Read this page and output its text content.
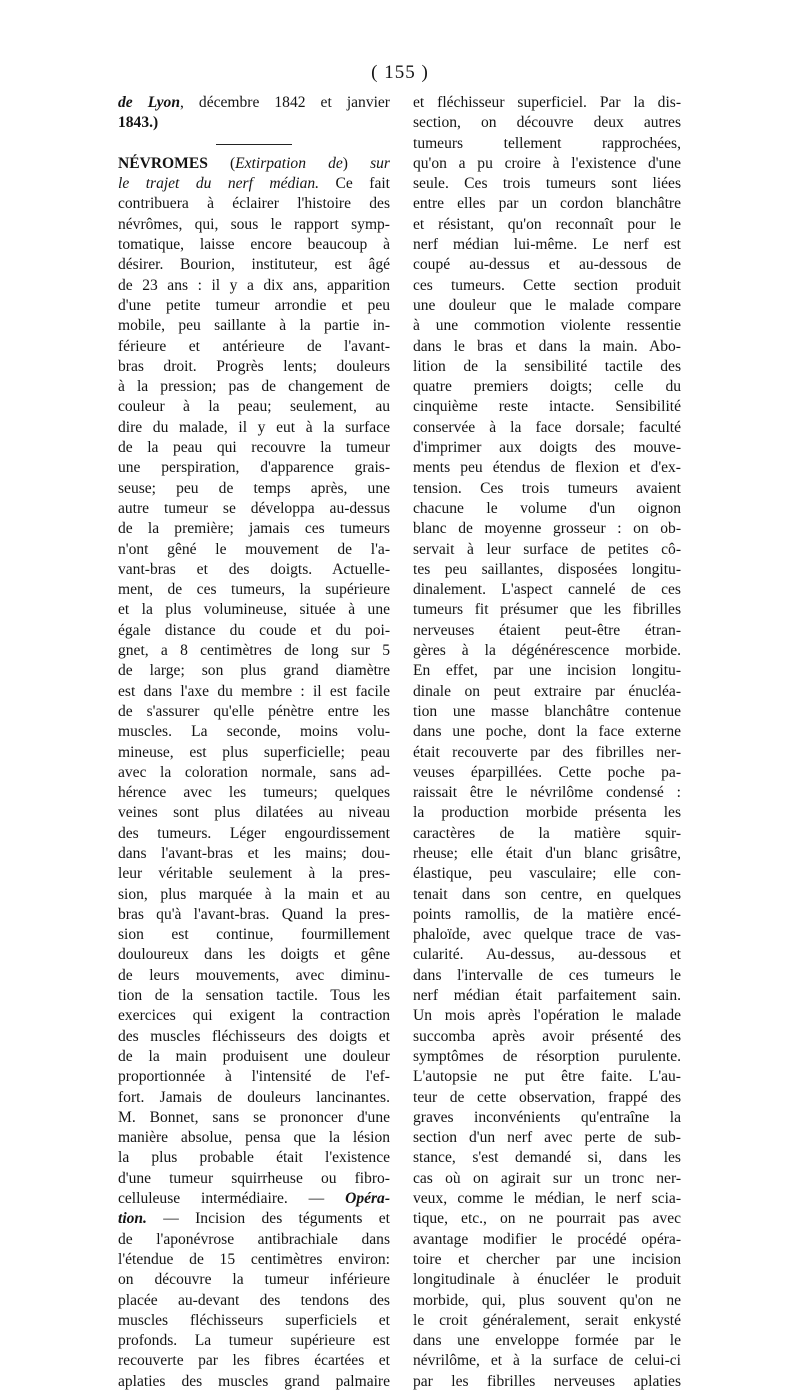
( 155 )
de Lyon, décembre 1842 et janvier
1843.)
NÉVROMES (Extirpation de) sur
le trajet du nerf médian. Ce fait
contribuera à éclairer l'histoire des
névrômes, qui, sous le rapport symp-
tomatique, laisse encore beaucoup à
désirer. Bourion, instituteur, est âgé
de 23 ans : il y a dix ans, apparition
d'une petite tumeur arrondie et peu
mobile, peu saillante à la partie in-
férieure et antérieure de l'avant-
bras droit. Progrès lents; douleurs
à la pression; pas de changement de
couleur à la peau; seulement, au
dire du malade, il y eut à la surface
de la peau qui recouvre la tumeur
une perspiration, d'apparence grais-
seuse; peu de temps après, une
autre tumeur se développa au-dessus
de la première; jamais ces tumeurs
n'ont gêné le mouvement de l'a-
vant-bras et des doigts. Actuelle-
ment, de ces tumeurs, la supérieure
et la plus volumineuse, située à une
égale distance du coude et du poi-
gnet, a 8 centimètres de long sur 5
de large; son plus grand diamètre
est dans l'axe du membre : il est facile
de s'assurer qu'elle pénètre entre les
muscles. La seconde, moins volu-
mineuse, est plus superficielle; peau
avec la coloration normale, sans ad-
hérence avec les tumeurs; quelques
veines sont plus dilatées au niveau
des tumeurs. Léger engourdissement
dans l'avant-bras et les mains; dou-
leur véritable seulement à la pres-
sion, plus marquée à la main et au
bras qu'à l'avant-bras. Quand la pres-
sion est continue, fourmillement
douloureux dans les doigts et gêne
de leurs mouvements, avec diminu-
tion de la sensation tactile. Tous les
exercices qui exigent la contraction
des muscles fléchisseurs des doigts et
de la main produisent une douleur
proportionnée à l'intensité de l'ef-
fort. Jamais de douleurs lancinantes.
M. Bonnet, sans se prononcer d'une
manière absolue, pensa que la lésion
la plus probable était l'existence
d'une tumeur squirrheuse ou fibro-
celluleuse intermédiaire. — Opéra-
tion. — Incision des téguments et
de l'aponévrose antibrachiale dans
l'étendue de 15 centimètres environ:
on découvre la tumeur inférieure
placée au-devant des tendons des
muscles fléchisseurs superficiels et
profonds. La tumeur supérieure est
recouverte par les fibres écartées et
aplaties des muscles grand palmaire
et fléchisseur superficiel. Par la dis-
section, on découvre deux autres
tumeurs tellement rapprochées,
qu'on a pu croire à l'existence d'une
seule. Ces trois tumeurs sont liées
entre elles par un cordon blanchâtre
et résistant, qu'on reconnaît pour le
nerf médian lui-même. Le nerf est
coupé au-dessus et au-dessous de
ces tumeurs. Cette section produit
une douleur que le malade compare
à une commotion violente ressentie
dans le bras et dans la main. Abo-
lition de la sensibilité tactile des
quatre premiers doigts; celle du
cinquième reste intacte. Sensibilité
conservée à la face dorsale; faculté
d'imprimer aux doigts des mouve-
ments peu étendus de flexion et d'ex-
tension. Ces trois tumeurs avaient
chacune le volume d'un oignon
blanc de moyenne grosseur : on ob-
servait à leur surface de petites cô-
tes peu saillantes, disposées longitu-
dinalement. L'aspect cannelé de ces
tumeurs fit présumer que les fibrilles
nerveuses étaient peut-être étran-
gères à la dégénérescence morbide.
En effet, par une incision longitu-
dinale on peut extraire par énucléa-
tion une masse blanchâtre contenue
dans une poche, dont la face externe
était recouverte par des fibrilles ner-
veuses éparpillées. Cette poche pa-
raissait être le névrilôme condensé :
la production morbide présenta les
caractères de la matière squir-
rheuse; elle était d'un blanc grisâtre,
élastique, peu vasculaire; elle con-
tenait dans son centre, en quelques
points ramollis, de la matière encé-
phaloïde, avec quelque trace de vas-
cularité. Au-dessus, au-dessous et
dans l'intervalle de ces tumeurs le
nerf médian était parfaitement sain.
Un mois après l'opération le malade
succomba après avoir présenté des
symptômes de résorption purulente.
L'autopsie ne put être faite. L'au-
teur de cette observation, frappé des
graves inconvénients qu'entraîne la
section d'un nerf avec perte de sub-
stance, s'est demandé si, dans les
cas où on agirait sur un tronc ner-
veux, comme le médian, le nerf scia-
tique, etc., on ne pourrait pas avec
avantage modifier le procédé opéra-
toire et chercher par une incision
longitudinale à énucléer le produit
morbide, qui, plus souvent qu'on ne
le croit généralement, serait enkysté
dans une enveloppe formée par le
névrilôme, et à la surface de celui-ci
par les fibrilles nerveuses aplaties
